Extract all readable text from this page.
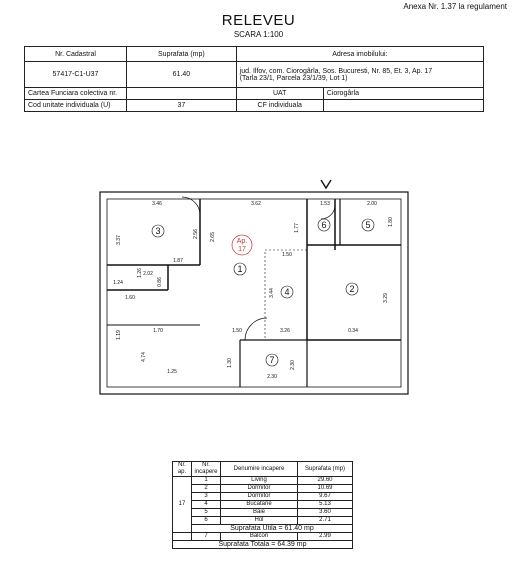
Anexa Nr. 1.37 la regulament
RELEVEU
SCARA 1:100
Nr. Cadastral	Suprafata (mp)	Adresa imobilului:	
57417-C1-U37	61.40	jud. Ilfov, com. Ciorogârla, Sos. Bucuresti, Nr. 85, Et. 3, Ap. 17
(Tarla 23/1, Parcela 23/1/39, Lot 1)	

Cartea Funciara colectiva nr.		UAT	Ciorogârla
Cod unitate individuala (U)	37	CF individuala	
Ap.
17
1
2
3
4
5
6
7
3.46	3.62	1.53	2.00
1.80
3.37	2.65
2.56
1.77
1.87
1.50
1.26 2.02
0.86
1.24
1.60
3.44
3.29
1.19	1.70	1.50	3.26	0.34
4.74
1.25
1.30	2.30
2.30
Nr. ap.	Nr. incapere	Denumire incapere	Suprafata (mp)
17	1	Living	29.60
	2	Dormitor	10.69
	3	Dormitor	9.67
	4	Bucatarie	5.13
	5	Baie	3.60
	6	Hol	2.71
	Suprafata Utila = 61.40 mp		
	7	Balcon	2.99
Suprafata Totala = 64.39 mp			
